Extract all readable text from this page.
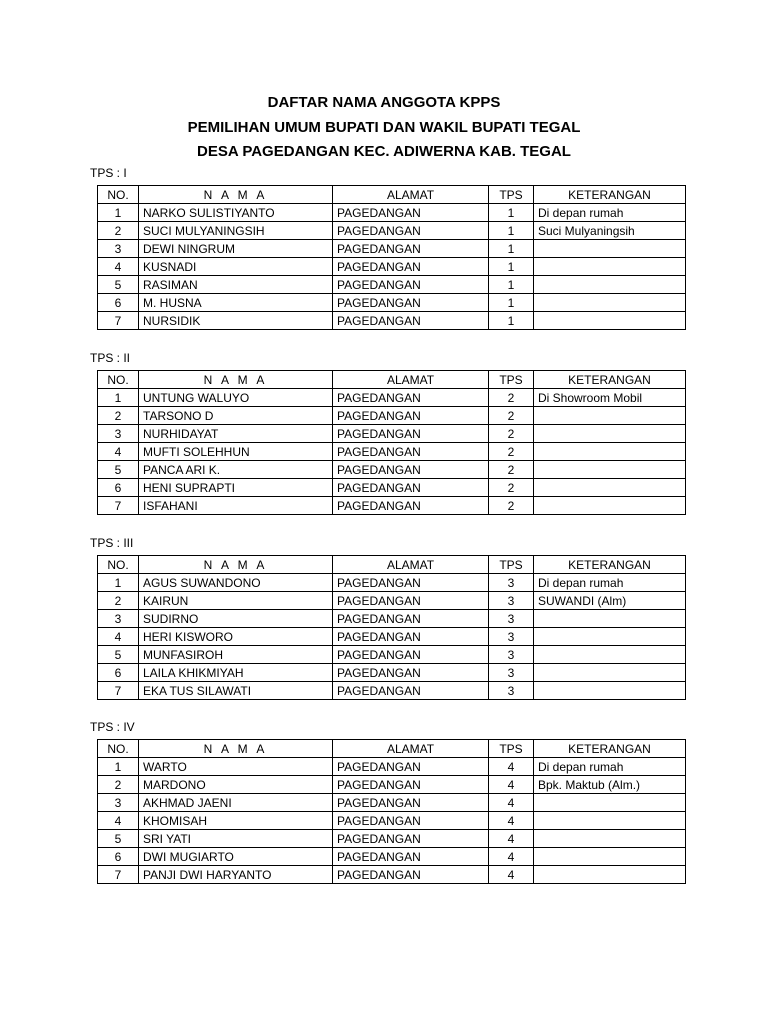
DAFTAR NAMA ANGGOTA KPPS
PEMILIHAN UMUM BUPATI DAN WAKIL BUPATI TEGAL
DESA PAGEDANGAN KEC. ADIWERNA KAB. TEGAL
TPS : I
NO.	N A M A	ALAMAT	TPS	KETERANGAN
1	NARKO SULISTIYANTO	PAGEDANGAN	1	Di depan rumah
2	SUCI MULYANINGSIH	PAGEDANGAN	1	Suci Mulyaningsih
3	DEWI NINGRUM	PAGEDANGAN	1	
4	KUSNADI	PAGEDANGAN	1	
5	RASIMAN	PAGEDANGAN	1	
6	M. HUSNA	PAGEDANGAN	1	
7	NURSIDIK	PAGEDANGAN	1	
TPS : II
NO.	N A M A	ALAMAT	TPS	KETERANGAN
1	UNTUNG WALUYO	PAGEDANGAN	2	Di Showroom Mobil
2	TARSONO D	PAGEDANGAN	2	
3	NURHIDAYAT	PAGEDANGAN	2	
4	MUFTI SOLEHHUN	PAGEDANGAN	2	
5	PANCA ARI K.	PAGEDANGAN	2	
6	HENI SUPRAPTI	PAGEDANGAN	2	
7	ISFAHANI	PAGEDANGAN	2	
TPS : III
NO.	N A M A	ALAMAT	TPS	KETERANGAN
1	AGUS SUWANDONO	PAGEDANGAN	3	Di depan rumah
2	KAIRUN	PAGEDANGAN	3	SUWANDI (Alm)
3	SUDIRNO	PAGEDANGAN	3	
4	HERI KISWORO	PAGEDANGAN	3	
5	MUNFASIROH	PAGEDANGAN	3	
6	LAILA KHIKMIYAH	PAGEDANGAN	3	
7	EKA TUS SILAWATI	PAGEDANGAN	3	
TPS : IV
NO.	N A M A	ALAMAT	TPS	KETERANGAN
1	WARTO	PAGEDANGAN	4	Di depan rumah
2	MARDONO	PAGEDANGAN	4	Bpk. Maktub (Alm.)
3	AKHMAD JAENI	PAGEDANGAN	4	
4	KHOMISAH	PAGEDANGAN	4	
5	SRI YATI	PAGEDANGAN	4	
6	DWI MUGIARTO	PAGEDANGAN	4	
7	PANJI DWI HARYANTO	PAGEDANGAN	4	
